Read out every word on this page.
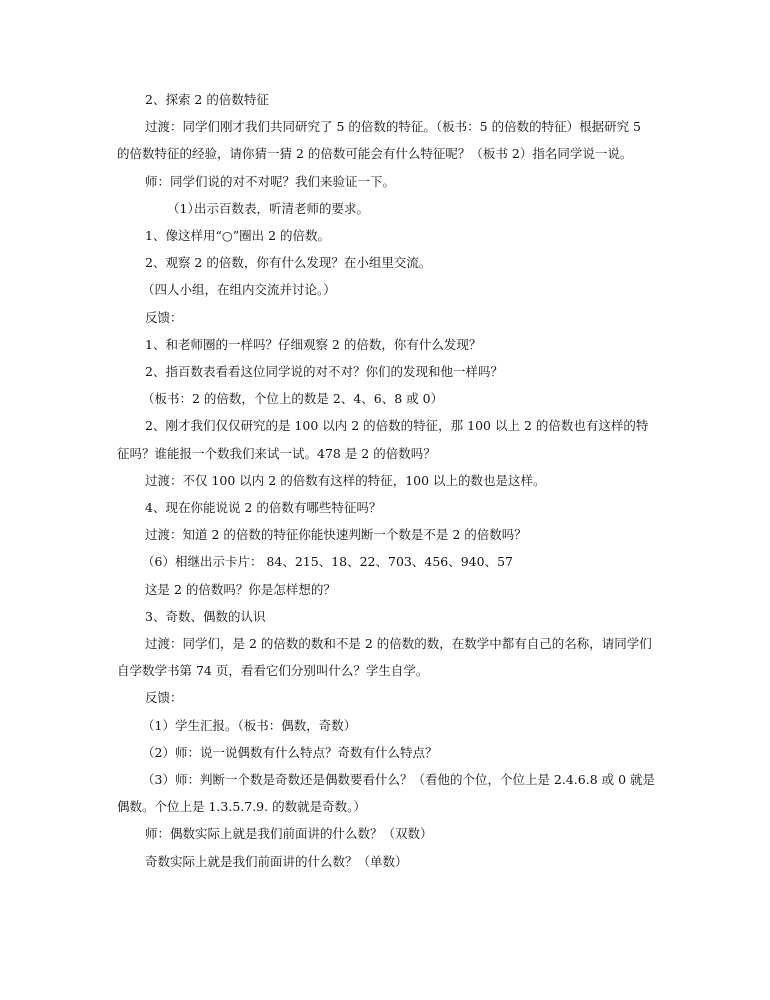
2、探索 2 的倍数特征

过渡：同学们刚才我们共同研究了 5 的倍数的特征。（板书：5 的倍数的特征）根据研究 5 的倍数特征的经验，请你猜一猜 2 的倍数可能会有什么特征呢？（板书 2）指名同学说一说。

师：同学们说的对不对呢？我们来验证一下。

（1）出示百数表，听清老师的要求。

1、像这样用“○”圈出 2 的倍数。

2、观察 2 的倍数，你有什么发现？在小组里交流。

（四人小组，在组内交流并讨论。）

反馈：

1、和老师圈的一样吗？仔细观察 2 的倍数，你有什么发现？

2、指百数表看看这位同学说的对不对？你们的发现和他一样吗？

（板书：2 的倍数，个位上的数是 2、4、6、8 或 0）

2、刚才我们仅仅研究的是 100 以内 2 的倍数的特征，那 100 以上 2 的倍数也有这样的特征吗？谁能报一个数我们来试一试。478 是 2 的倍数吗？

过渡：不仅 100 以内 2 的倍数有这样的特征，100 以上的数也是这样。

4、现在你能说说 2 的倍数有哪些特征吗？

过渡：知道 2 的倍数的特征你能快速判断一个数是不是 2 的倍数吗？

（6）相继出示卡片： 84、215、18、22、703、456、940、57

这是 2 的倍数吗？你是怎样想的？

3、奇数、偶数的认识

过渡：同学们，是 2 的倍数的数和不是 2 的倍数的数，在数学中都有自己的名称，请同学们自学数学书第 74 页，看看它们分别叫什么？学生自学。

反馈：

（1）学生汇报。（板书：偶数，奇数）

（2）师：说一说偶数有什么特点？奇数有什么特点？

（3）师：判断一个数是奇数还是偶数要看什么？（看他的个位，个位上是 2.4.6.8 或 0 就是偶数。个位上是 1.3.5.7.9. 的数就是奇数。）

师：偶数实际上就是我们前面讲的什么数？（双数）

奇数实际上就是我们前面讲的什么数？（单数）
